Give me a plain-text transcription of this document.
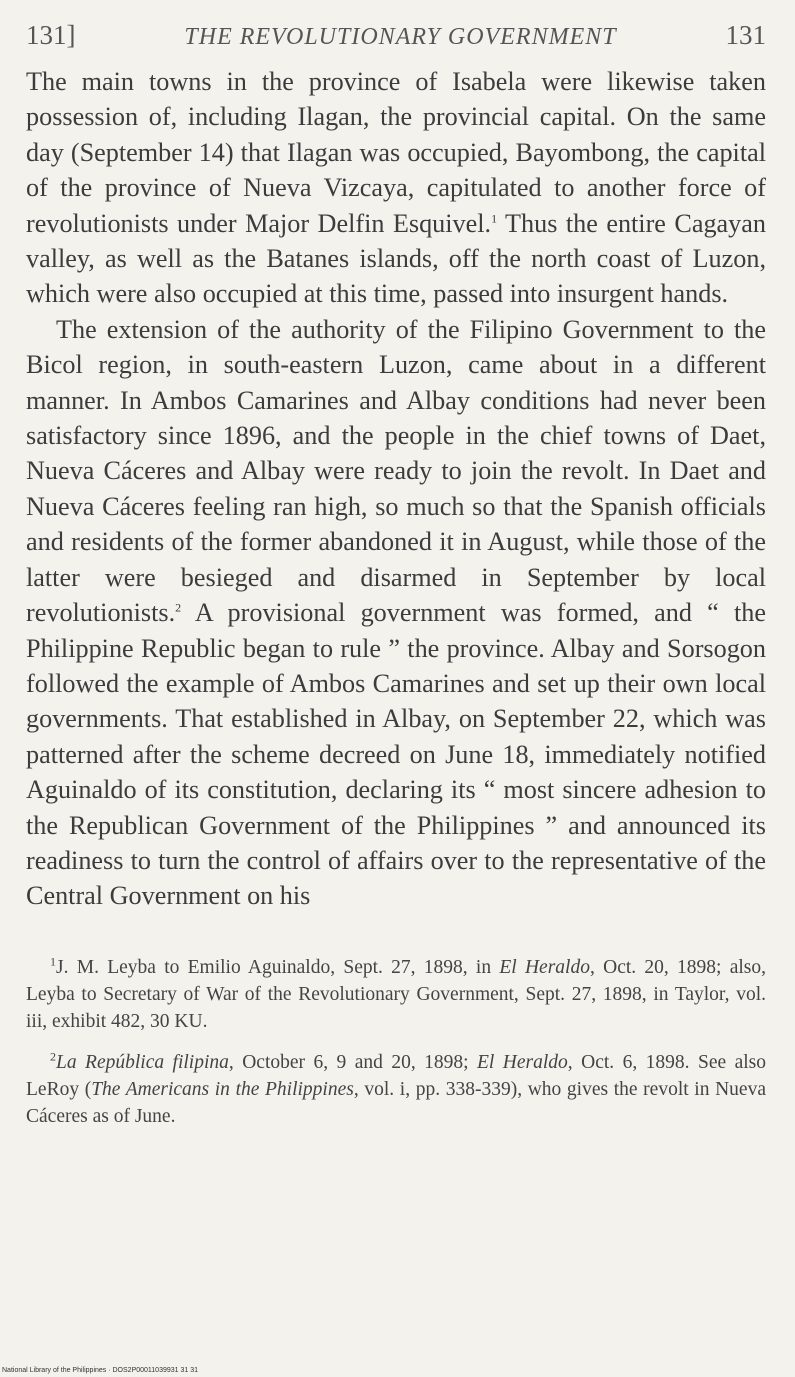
131]	THE REVOLUTIONARY GOVERNMENT	131

The main towns in the province of Isabela were likewise taken possession of, including Ilagan, the provincial capital. On the same day (September 14) that Ilagan was occupied, Bayombong, the capital of the province of Nueva Vizcaya, capitulated to another force of revolutionists under Major Delfin Esquivel.$^1$ Thus the entire Cagayan valley, as well as the Batanes islands, off the north coast of Luzon, which were also occupied at this time, passed into insurgent hands.

The extension of the authority of the Filipino Government to the Bicol region, in south-eastern Luzon, came about in a different manner. In Ambos Camarines and Albay conditions had never been satisfactory since 1896, and the people in the chief towns of Daet, Nueva Cáceres and Albay were ready to join the revolt. In Daet and Nueva Cáceres feeling ran high, so much so that the Spanish officials and residents of the former abandoned it in August, while those of the latter were besieged and disarmed in September by local revolutionists.$^2$ A provisional government was formed, and “ the Philippine Republic began to rule ” the province. Albay and Sorsogon followed the example of Ambos Camarines and set up their own local governments. That established in Albay, on September 22, which was patterned after the scheme decreed on June 18, immediately notified Aguinaldo of its constitution, declaring its “ most sincere adhesion to the Republican Government of the Philippines ” and announced its readiness to turn the control of affairs over to the representative of the Central Government on his

$^1$J. M. Leyba to Emilio Aguinaldo, Sept. 27, 1898, in El Heraldo, Oct. 20, 1898; also, Leyba to Secretary of War of the Revolutionary Government, Sept. 27, 1898, in Taylor, vol. iii, exhibit 482, 30 KU.

$^2$La República filipina, October 6, 9 and 20, 1898; El Heraldo, Oct. 6, 1898. See also LeRoy (The Americans in the Philippines, vol. i, pp. 338-339), who gives the revolt in Nueva Cáceres as of June.

National Library of the Philippines · DOS2P00011039931 31 31
